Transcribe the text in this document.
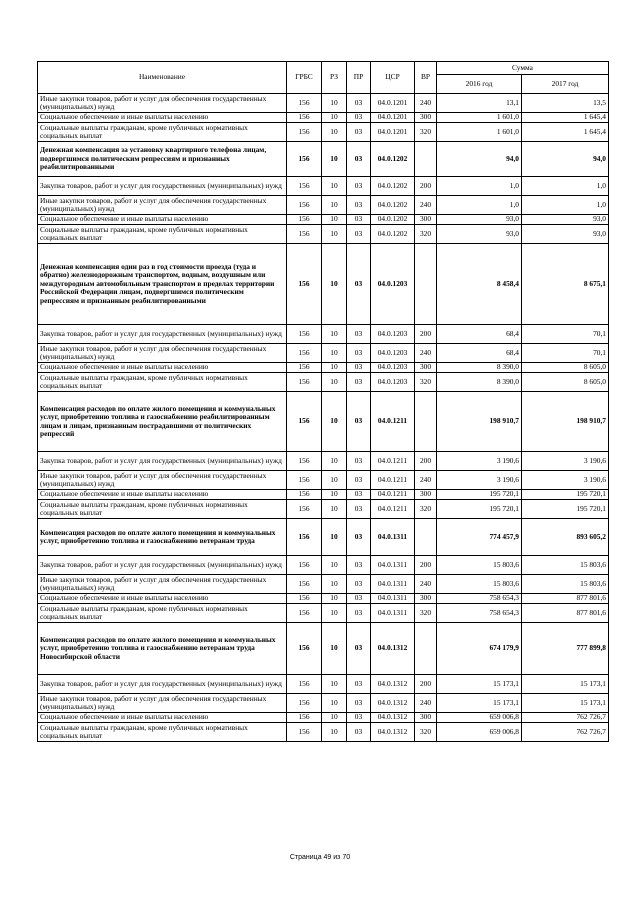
Наименование	ГРБС	РЗ	ПР	ЦСР	ВР	Сумма	
						2016 год	2017 год
Иные закупки товаров, работ и услуг для обеспечения государственных (муниципальных) нужд	156	10	03	04.0.1201	240	13,1	13,5
Социальное обеспечение и иные выплаты населению	156	10	03	04.0.1201	300	1 601,0	1 645,4
Социальные выплаты гражданам, кроме публичных нормативных социальных выплат	156	10	03	04.0.1201	320	1 601,0	1 645,4
Денежная компенсация за установку квартирного телефона лицам, подвергшимся политическим репрессиям и признанных реабилитированными	156	10	03	04.0.1202		94,0	94,0
Закупка товаров, работ и услуг для государственных (муниципальных) нужд	156	10	03	04.0.1202	200	1,0	1,0
Иные закупки товаров, работ и услуг для обеспечения государственных (муниципальных) нужд	156	10	03	04.0.1202	240	1,0	1,0
Социальное обеспечение и иные выплаты населению	156	10	03	04.0.1202	300	93,0	93,0
Социальные выплаты гражданам, кроме публичных нормативных социальных выплат	156	10	03	04.0.1202	320	93,0	93,0
Денежная компенсация один раз в год стоимости проезда (туда и обратно) железнодорожным транспортом, водным, воздушным или междугородным автомобильным транспортом в пределах территории Российской Федерации лицам, подвергшимся политическим репрессиям и признанным реабилитированными	156	10	03	04.0.1203		8 458,4	8 675,1
Закупка товаров, работ и услуг для государственных (муниципальных) нужд	156	10	03	04.0.1203	200	68,4	70,1
Иные закупки товаров, работ и услуг для обеспечения государственных (муниципальных) нужд	156	10	03	04.0.1203	240	68,4	70,1
Социальное обеспечение и иные выплаты населению	156	10	03	04.0.1203	300	8 390,0	8 605,0
Социальные выплаты гражданам, кроме публичных нормативных социальных выплат	156	10	03	04.0.1203	320	8 390,0	8 605,0
Компенсация расходов по оплате жилого помещения и коммунальных услуг, приобретению топлива и газоснабжению реабилитированным лицам и лицам, признанным пострадавшими от политических репрессий	156	10	03	04.0.1211		198 910,7	198 910,7
Закупка товаров, работ и услуг для государственных (муниципальных) нужд	156	10	03	04.0.1211	200	3 190,6	3 190,6
Иные закупки товаров, работ и услуг для обеспечения государственных (муниципальных) нужд	156	10	03	04.0.1211	240	3 190,6	3 190,6
Социальное обеспечение и иные выплаты населению	156	10	03	04.0.1211	300	195 720,1	195 720,1
Социальные выплаты гражданам, кроме публичных нормативных социальных выплат	156	10	03	04.0.1211	320	195 720,1	195 720,1
Компенсация расходов по оплате жилого помещения и коммунальных услуг, приобретению топлива и газоснабжению ветеранам труда	156	10	03	04.0.1311		774 457,9	893 605,2
Закупка товаров, работ и услуг для государственных (муниципальных) нужд	156	10	03	04.0.1311	200	15 803,6	15 803,6
Иные закупки товаров, работ и услуг для обеспечения государственных (муниципальных) нужд	156	10	03	04.0.1311	240	15 803,6	15 803,6
Социальное обеспечение и иные выплаты населению	156	10	03	04.0.1311	300	758 654,3	877 801,6
Социальные выплаты гражданам, кроме публичных нормативных социальных выплат	156	10	03	04.0.1311	320	758 654,3	877 801,6
Компенсация расходов по оплате жилого помещения и коммунальных услуг, приобретению топлива и газоснабжению ветеранам труда Новосибирской области	156	10	03	04.0.1312		674 179,9	777 899,8
Закупка товаров, работ и услуг для государственных (муниципальных) нужд	156	10	03	04.0.1312	200	15 173,1	15 173,1
Иные закупки товаров, работ и услуг для обеспечения государственных (муниципальных) нужд	156	10	03	04.0.1312	240	15 173,1	15 173,1
Социальное обеспечение и иные выплаты населению	156	10	03	04.0.1312	300	659 006,8	762 726,7
Социальные выплаты гражданам, кроме публичных нормативных социальных выплат	156	10	03	04.0.1312	320	659 006,8	762 726,7
Страница 49 из 70
